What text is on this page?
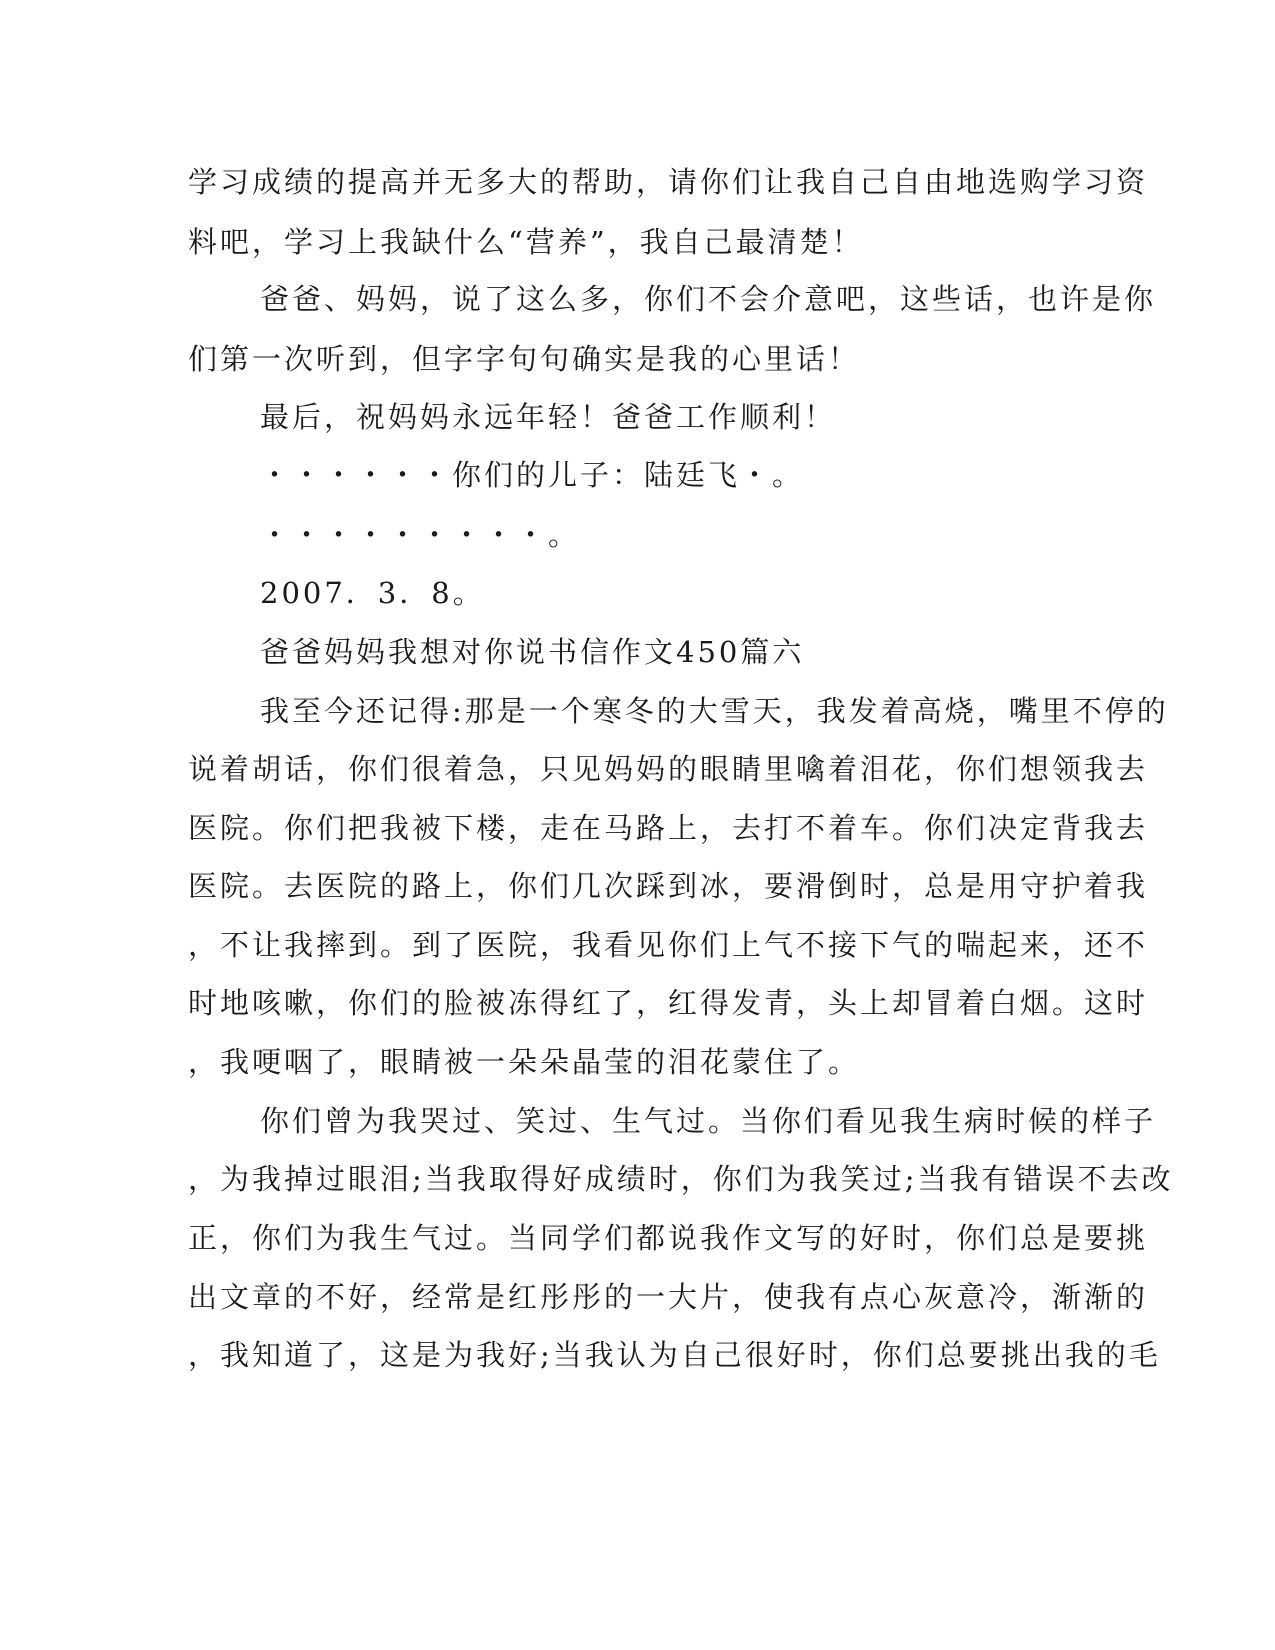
学习成绩的提高并无多大的帮助，请你们让我自己自由地选购学习资
料吧，学习上我缺什么“营养”，我自己最清楚！
爸爸、妈妈，说了这么多，你们不会介意吧，这些话，也许是你
们第一次听到，但字字句句确实是我的心里话！
最后，祝妈妈永远年轻！爸爸工作顺利！
・・・・・・你们的儿子：陆廷飞・。
・・・・・・・・・。
2007．3．8。
爸爸妈妈我想对你说书信作文450篇六
我至今还记得:那是一个寒冬的大雪天，我发着高烧，嘴里不停的
说着胡话，你们很着急，只见妈妈的眼睛里噙着泪花，你们想领我去
医院。你们把我被下楼，走在马路上，去打不着车。你们决定背我去
医院。去医院的路上，你们几次踩到冰，要滑倒时，总是用守护着我
，不让我摔到。到了医院，我看见你们上气不接下气的喘起来，还不
时地咳嗽，你们的脸被冻得红了，红得发青，头上却冒着白烟。这时
，我哽咽了，眼睛被一朵朵晶莹的泪花蒙住了。
你们曾为我哭过、笑过、生气过。当你们看见我生病时候的样子
，为我掉过眼泪;当我取得好成绩时，你们为我笑过;当我有错误不去改
正，你们为我生气过。当同学们都说我作文写的好时，你们总是要挑
出文章的不好，经常是红彤彤的一大片，使我有点心灰意冷，渐渐的
，我知道了，这是为我好;当我认为自己很好时，你们总要挑出我的毛
